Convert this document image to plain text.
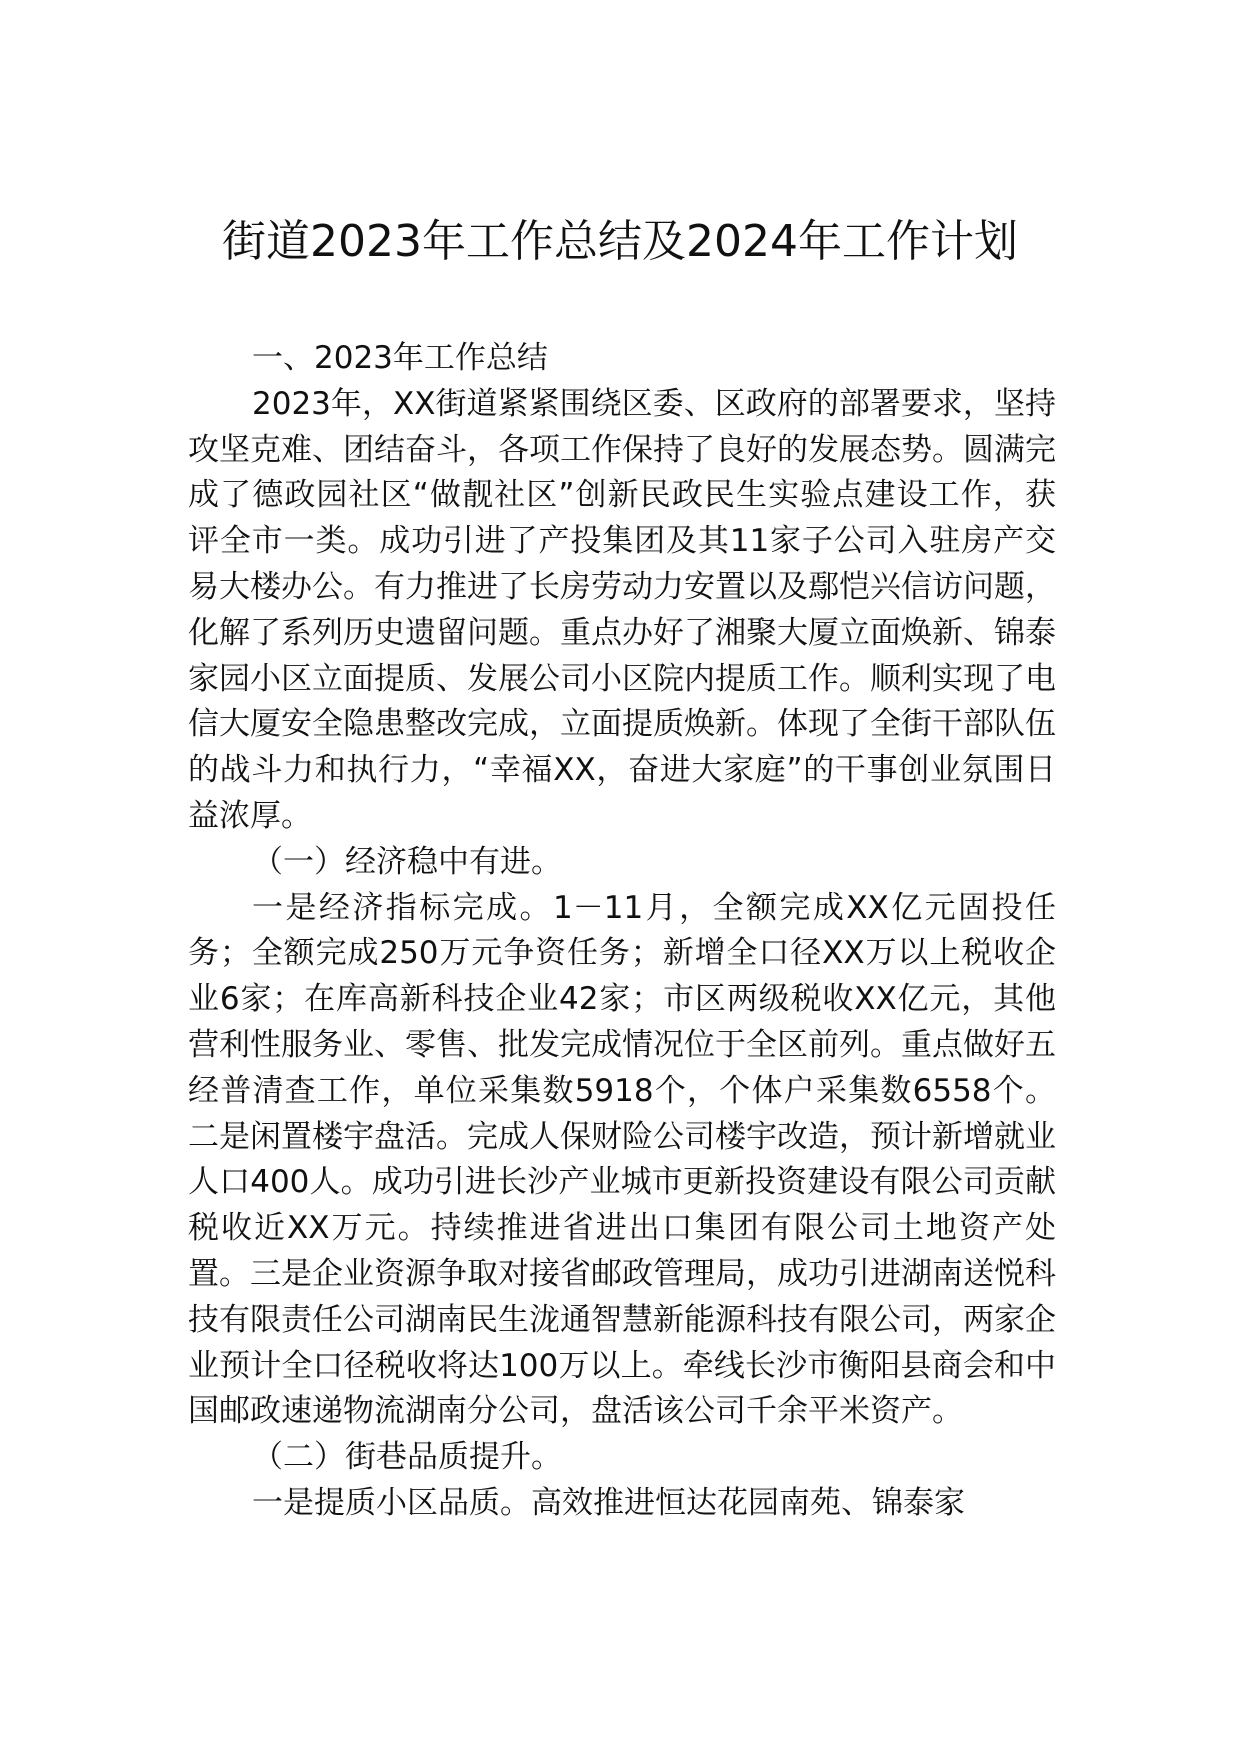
街道2023年工作总结及2024年工作计划

一、2023年工作总结

2023年，XX街道紧紧围绕区委、区政府的部署要求，坚持攻坚克难、团结奋斗，各项工作保持了良好的发展态势。圆满完成了德政园社区“做靓社区”创新民政民生实验点建设工作，获评全市一类。成功引进了产投集团及其11家子公司入驻房产交易大楼办公。有力推进了长房劳动力安置以及鄢恺兴信访问题，化解了系列历史遗留问题。重点办好了湘聚大厦立面焕新、锦泰家园小区立面提质、发展公司小区院内提质工作。顺利实现了电信大厦安全隐患整改完成，立面提质焕新。体现了全街干部队伍的战斗力和执行力，“幸福XX，奋进大家庭”的干事创业氛围日益浓厚。

（一）经济稳中有进。

一是经济指标完成。1－11月，全额完成XX亿元固投任务；全额完成250万元争资任务；新增全口径XX万以上税收企业6家；在库高新科技企业42家；市区两级税收XX亿元，其他营利性服务业、零售、批发完成情况位于全区前列。重点做好五经普清查工作，单位采集数5918个，个体户采集数6558个。二是闲置楼宇盘活。完成人保财险公司楼宇改造，预计新增就业人口400人。成功引进长沙产业城市更新投资建设有限公司贡献税收近XX万元。持续推进省进出口集团有限公司土地资产处置。三是企业资源争取对接省邮政管理局，成功引进湖南送悦科技有限责任公司湖南民生泷通智慧新能源科技有限公司，两家企业预计全口径税收将达100万以上。牵线长沙市衡阳县商会和中国邮政速递物流湖南分公司，盘活该公司千余平米资产。

（二）街巷品质提升。

一是提质小区品质。高效推进恒达花园南苑、锦泰家
